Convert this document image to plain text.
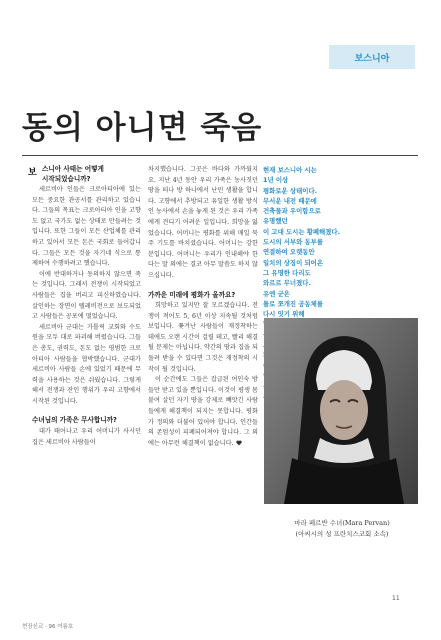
보스니아
동의 아니면 죽음
보 스니아 사태는 어떻게
시작되었습니까?

세르비아 인들은 크로아티아에 있는 모든 중요한 관공서를 관리하고 있습니다. 그들의 목표는 크로아티아 인을 고향도 없고 국가도 없는 상태로 만들려는 것입니다. 또한 그들이 모든 산업체를 관리하고 있어서 모든 돈은 국회로 들어갑니다. 그들은 모든 것을 자기네 식으로 통제하여 수행하려고 했습니다.

이에 반대하거나 동의하지 않으면 죽는 것입니다. 그래서 전쟁이 시작되었고 사람들은 집을 버리고 피신하였습니다. 살인하는 장면이 텔레비전으로 보도되었고 사람들은 공포에 떨었습니다.

세르비아 군대는 가톨릭 교회와 수도원을 모두 대로 파괴해 버렸습니다. 그들은 총도, 권력도, 돈도 없는 평범한 크로아티아 사람들을 협박했습니다. 군대가 세르비아 사람들 손에 있었기 때문에 무력을 사용하는 것은 쉬웠습니다. 그렇게 해서 전쟁과 잔인 행위가 우리 고향에서 시작된 것입니다.

수녀님의 가족은 무사합니까?

대가 태어나고 우리 어머니가 사시던 집은 세르비아 사람들이

차지했습니다. 그곳은 바다와 가까웠지요. 지난 4년 동안 우리 가족은 농사짓던 땅을 떠나 방 하나에서 난민 생활을 합니다. 고향에서 추방되고 유일한 생활 방식인 농사에서 손을 놓게 된 것은 우리 가족에게 견디기 어려운 일입니다. 희망을 잃었습니다. 어머니는 평화를 위해 매일 묵주 기도를 바치셨습니다. 어머니는 강한 분입니다. 어머니는 우리가 인내해야 한다는 말 외에는 결코 아무 말씀도 하지 않으십니다.

가까운 미래에 평화가 올까요?

희망하고 있지만 잘 모르겠습니다. 전쟁이 적어도 5, 6년 이상 지속될 것처럼 보입니다. 쫓겨난 사람들이 재정착하는 데에도 오랜 시간이 걸릴 테고, 빨리 해결될 문제는 아닙니다. 약간의 땅과 집을 되돌려 받을 수 있다면 그것은 재정착의 시작이 될 것입니다.

이 순간에도 그들은 잡급된 여인숙 방들만 받고 있을 뿐입니다. 이것이 평생 몸붙여 살던 자기 땅을 강제로 빼앗긴 사람들에게 해결책이 되지는 못합니다. 평화가 정의와 더불어 있어야 합니다. 인간들의 존엄성이 피폐되어져야 합니다. 그 외에는 아무런 해결책이 없습니다.

현재 보스니아 시는
1년 이상
평화로운 상태이다.
무서운 내전 때문에
건축물과 우이함으로
유명했던
이 고대 도시는 황폐해졌다.
도시의 서부와 동부를
연결하여 오랫동안
일치의 상징이 되어온
그 유명한 다리도
와르르 무너졌다.
유엔 군은
틀로 쪼개진 공동체를
다시 잇기 위해
마라 페르반 수녀(Mara Pervan)
(아씨시의 성 프란치스코회 소속)
11
현장신교 · 96 여름호
